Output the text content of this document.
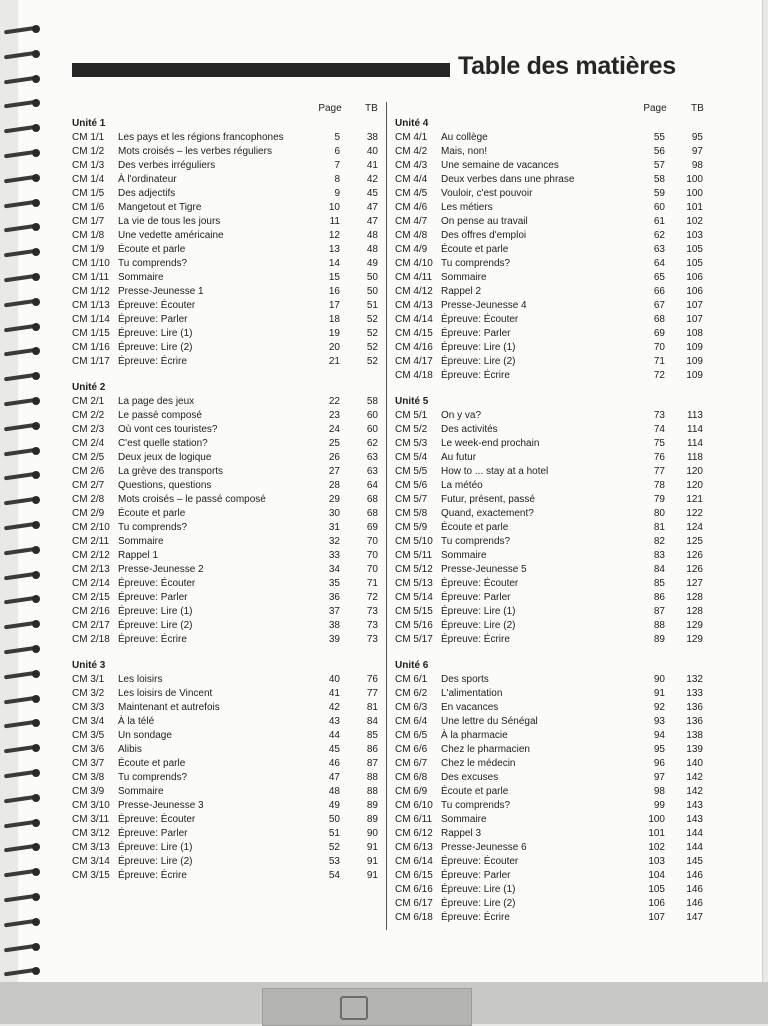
Table des matières
Page TB
Unité 1
CM 1/1	Les pays et les régions francophones	5	38
CM 1/2	Mots croisés – les verbes réguliers	6	40
CM 1/3	Des verbes irréguliers	7	41
CM 1/4	À l'ordinateur	8	42
CM 1/5	Des adjectifs	9	45
CM 1/6	Mangetout et Tigre	10	47
CM 1/7	La vie de tous les jours	11	47
CM 1/8	Une vedette américaine	12	48
CM 1/9	Écoute et parle	13	48
CM 1/10 Tu comprends?	14	49
CM 1/11 Sommaire	15	50
CM 1/12 Presse-Jeunesse 1	16	50
CM 1/13 Épreuve: Écouter	17	51
CM 1/14 Épreuve: Parler	18	52
CM 1/15 Épreuve: Lire (1)	19	52
CM 1/16 Épreuve: Lire (2)	20	52
CM 1/17 Épreuve: Écrire	21	52
Unité 2
CM 2/1	La page des jeux	22	58
CM 2/2	Le passé composé	23	60
CM 2/3	Où vont ces touristes?	24	60
CM 2/4	C'est quelle station?	25	62
CM 2/5	Deux jeux de logique	26	63
CM 2/6	La grève des transports	27	63
CM 2/7	Questions, questions	28	64
CM 2/8	Mots croisés – le passé composé	29	68
CM 2/9	Écoute et parle	30	68
CM 2/10 Tu comprends?	31	69
CM 2/11 Sommaire	32	70
CM 2/12 Rappel 1	33	70
CM 2/13 Presse-Jeunesse 2	34	70
CM 2/14 Épreuve: Écouter	35	71
CM 2/15 Épreuve: Parler	36	72
CM 2/16 Épreuve: Lire (1)	37	73
CM 2/17 Épreuve: Lire (2)	38	73
CM 2/18 Épreuve: Écrire	39	73
Unité 3
CM 3/1	Les loisirs	40	76
CM 3/2	Les loisirs de Vincent	41	77
CM 3/3	Maintenant et autrefois	42	81
CM 3/4	À la télé	43	84
CM 3/5	Un sondage	44	85
CM 3/6	Alibis	45	86
CM 3/7	Écoute et parle	46	87
CM 3/8	Tu comprends?	47	88
CM 3/9	Sommaire	48	88
CM 3/10 Presse-Jeunesse 3	49	89
CM 3/11 Épreuve: Écouter	50	89
CM 3/12 Épreuve: Parler	51	90
CM 3/13 Épreuve: Lire (1)	52	91
CM 3/14 Épreuve: Lire (2)	53	91
CM 3/15 Épreuve: Écrire	54	91
Page TB
Unité 4
CM 4/1	Au collège	55	95
CM 4/2	Mais, non!	56	97
CM 4/3	Une semaine de vacances	57	98
CM 4/4	Deux verbes dans une phrase	58	100
CM 4/5	Vouloir, c'est pouvoir	59	100
CM 4/6	Les métiers	60	101
CM 4/7	On pense au travail	61	102
CM 4/8	Des offres d'emploi	62	103
CM 4/9	Écoute et parle	63	105
CM 4/10 Tu comprends?	64	105
CM 4/11 Sommaire	65	106
CM 4/12 Rappel 2	66	106
CM 4/13 Presse-Jeunesse 4	67	107
CM 4/14 Épreuve: Écouter	68	107
CM 4/15 Épreuve: Parler	69	108
CM 4/16 Épreuve: Lire (1)	70	109
CM 4/17 Épreuve: Lire (2)	71	109
CM 4/18 Épreuve: Écrire	72	109
Unité 5
CM 5/1	On y va?	73	113
CM 5/2	Des activités	74	114
CM 5/3	Le week-end prochain	75	114
CM 5/4	Au futur	76	118
CM 5/5	How to ... stay at a hotel	77	120
CM 5/6	La météo	78	120
CM 5/7	Futur, présent, passé	79	121
CM 5/8	Quand, exactement?	80	122
CM 5/9	Écoute et parle	81	124
CM 5/10 Tu comprends?	82	125
CM 5/11 Sommaire	83	126
CM 5/12 Presse-Jeunesse 5	84	126
CM 5/13 Épreuve: Écouter	85	127
CM 5/14 Épreuve: Parler	86	128
CM 5/15 Épreuve: Lire (1)	87	128
CM 5/16 Épreuve: Lire (2)	88	129
CM 5/17 Épreuve: Écrire	89	129
Unité 6
CM 6/1	Des sports	90	132
CM 6/2	L'alimentation	91	133
CM 6/3	En vacances	92	136
CM 6/4	Une lettre du Sénégal	93	136
CM 6/5	À la pharmacie	94	138
CM 6/6	Chez le pharmacien	95	139
CM 6/7	Chez le médecin	96	140
CM 6/8	Des excuses	97	142
CM 6/9	Écoute et parle	98	142
CM 6/10 Tu comprends?	99	143
CM 6/11 Sommaire	100	143
CM 6/12 Rappel 3	101	144
CM 6/13 Presse-Jeunesse 6	102	144
CM 6/14 Épreuve: Écouter	103	145
CM 6/15 Épreuve: Parler	104	146
CM 6/16 Épreuve: Lire (1)	105	146
CM 6/17 Épreuve: Lire (2)	106	146
CM 6/18 Épreuve: Écrire	107	147
